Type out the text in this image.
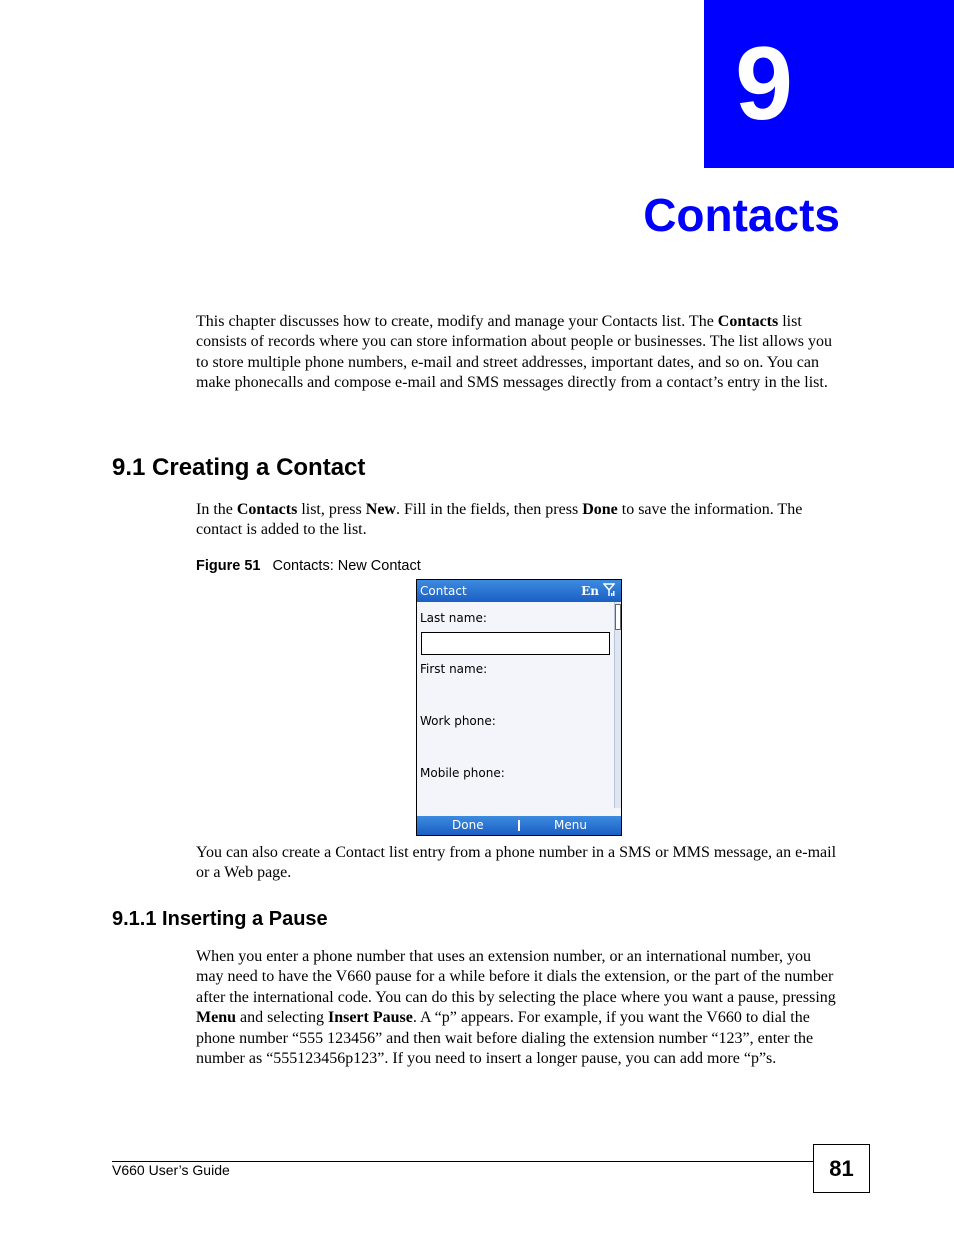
9
Contacts

This chapter discusses how to create, modify and manage your Contacts list. The Contacts list consists of records where you can store information about people or businesses. The list allows you to store multiple phone numbers, e-mail and street addresses, important dates, and so on. You can make phonecalls and compose e-mail and SMS messages directly from a contact’s entry in the list.

9.1 Creating a Contact

In the Contacts list, press New. Fill in the fields, then press Done to save the information. The contact is added to the list.

Figure 51 Contacts: New Contact

Contact	En
Last name:
First name:
Work phone:
Mobile phone:
Done	Menu

You can also create a Contact list entry from a phone number in a SMS or MMS message, an e-mail or a Web page.

9.1.1 Inserting a Pause

When you enter a phone number that uses an extension number, or an international number, you may need to have the V660 pause for a while before it dials the extension, or the part of the number after the international code. You can do this by selecting the place where you want a pause, pressing Menu and selecting Insert Pause. A “p” appears. For example, if you want the V660 to dial the phone number “555 123456” and then wait before dialing the extension number “123”, enter the number as “555123456p123”. If you need to insert a longer pause, you can add more “p”s.

V660 User’s Guide	81
